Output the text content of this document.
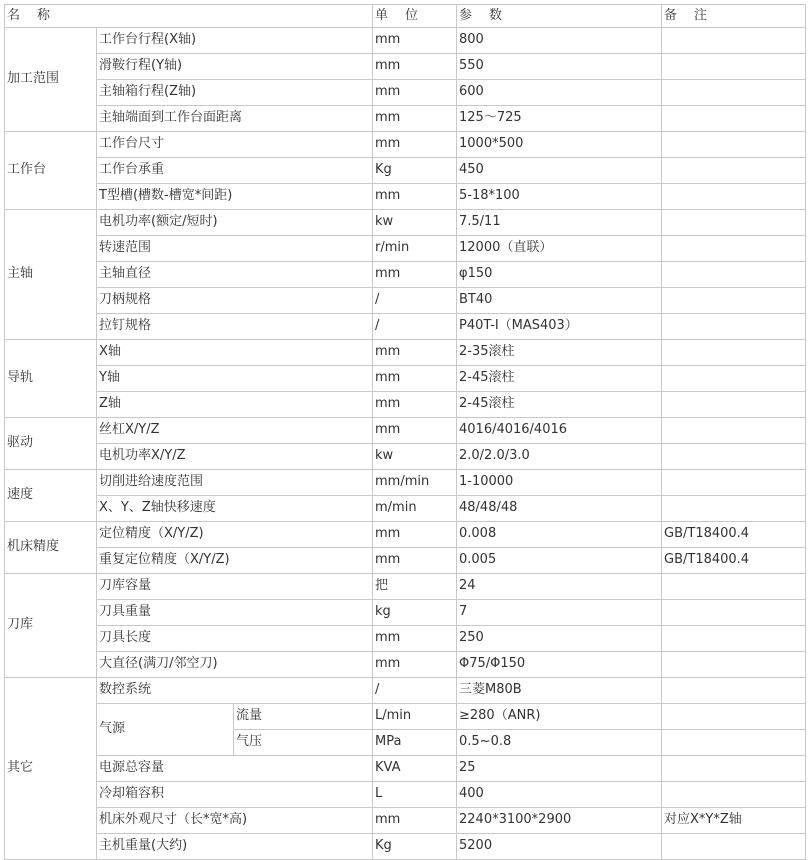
名　称			单　位	参　数	备　注
加工范围	工作台行程(X轴)		mm	800	
	滑鞍行程(Y轴)		mm	550	
	主轴箱行程(Z轴)		mm	600	
	主轴端面到工作台面距离		mm	125～725	
工作台	工作台尺寸		mm	1000*500	
	工作台承重		Kg	450	
	T型槽(槽数-槽宽*间距)		mm	5-18*100	
主轴	电机功率(额定/短时)		kw	7.5/11	
	转速范围		r/min	12000（直联）	
	主轴直径		mm	φ150	
	刀柄规格		/	BT40	
	拉钉规格		/	P40T-I（MAS403）	
导轨	X轴		mm	2-35滚柱	
	Y轴		mm	2-45滚柱	
	Z轴		mm	2-45滚柱	
驱动	丝杠X/Y/Z		mm	4016/4016/4016	
	电机功率X/Y/Z		kw	2.0/2.0/3.0	
速度	切削进给速度范围		mm/min	1-10000	
	X、Y、Z轴快移速度		m/min	48/48/48	
机床精度	定位精度（X/Y/Z)		mm	0.008	GB/T18400.4
	重复定位精度（X/Y/Z)		mm	0.005	GB/T18400.4
刀库	刀库容量		把	24	
	刀具重量		kg	7	
	刀具长度		mm	250	
	大直径(满刀/邻空刀)		mm	Φ75/Φ150	
其它	数控系统		/	三菱M80B	
	气源	流量	L/min	≥280（ANR)	
		气压	MPa	0.5~0.8	
	电源总容量		KVA	25	
	冷却箱容积		L	400	
	机床外观尺寸（长*宽*高)		mm	2240*3100*2900	对应X*Y*Z轴
	主机重量(大约)		Kg	5200	
